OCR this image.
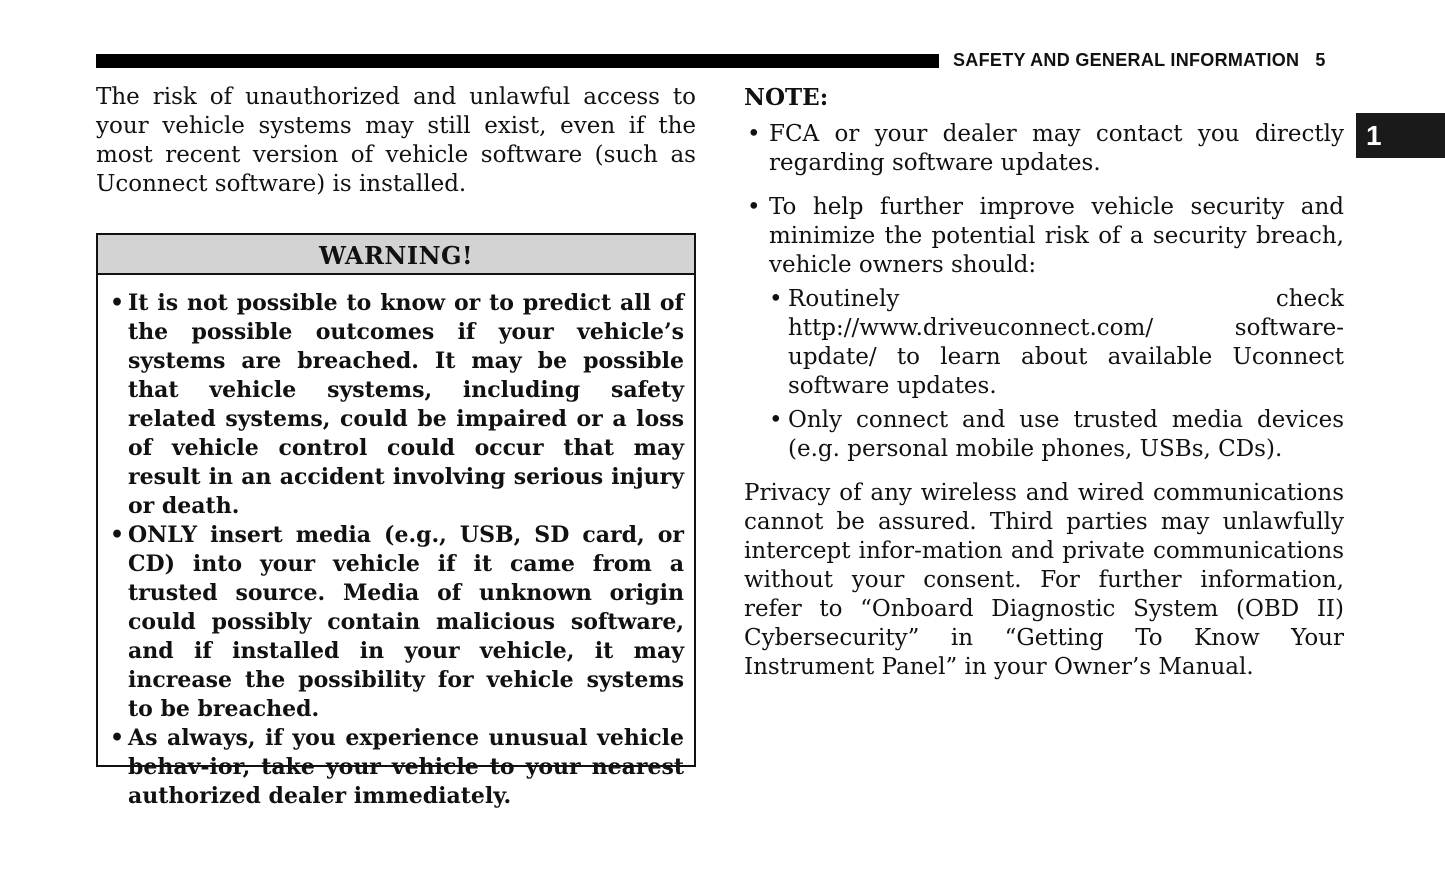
SAFETY AND GENERAL INFORMATION 5
1

The risk of unauthorized and unlawful access to your vehicle systems may still exist, even if the most recent version of vehicle software (such as Uconnect software) is installed.

WARNING!
• It is not possible to know or to predict all of the possible outcomes if your vehicle’s systems are breached. It may be possible that vehicle systems, including safety related systems, could be impaired or a loss of vehicle control could occur that may result in an accident involving serious injury or death.
• ONLY insert media (e.g., USB, SD card, or CD) into your vehicle if it came from a trusted source. Media of unknown origin could possibly contain malicious software, and if installed in your vehicle, it may increase the possibility for vehicle systems to be breached.
• As always, if you experience unusual vehicle behav-ior, take your vehicle to your nearest authorized dealer immediately.

NOTE:

• FCA or your dealer may contact you directly regarding software updates.
• To help further improve vehicle security and minimize the potential risk of a security breach, vehicle owners should:
• Routinely check http://www.driveuconnect.com/ software-update/ to learn about available Uconnect software updates.
• Only connect and use trusted media devices (e.g. personal mobile phones, USBs, CDs).

Privacy of any wireless and wired communications cannot be assured. Third parties may unlawfully intercept infor-mation and private communications without your consent. For further information, refer to “Onboard Diagnostic System (OBD II) Cybersecurity” in “Getting To Know Your Instrument Panel” in your Owner’s Manual.
